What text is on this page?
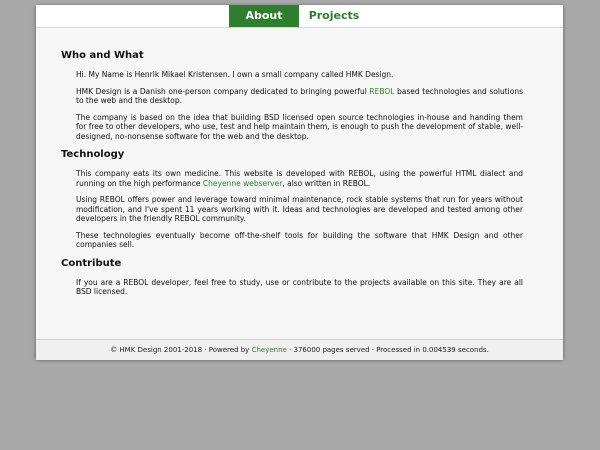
About	Projects
Who and What

Hi. My Name is Henrik Mikael Kristensen. I own a small company called HMK Design.

HMK Design is a Danish one-person company dedicated to bringing powerful REBOL based technologies and solutions to the web and the desktop.

The company is based on the idea that building BSD licensed open source technologies in-house and handing them for free to other developers, who use, test and help maintain them, is enough to push the development of stable, well-designed, no-nonsense software for the web and the desktop.

Technology

This company eats its own medicine. This website is developed with REBOL, using the powerful HTML dialect and running on the high performance Cheyenne webserver, also written in REBOL.

Using REBOL offers power and leverage toward minimal maintenance, rock stable systems that run for years without modification, and I've spent 11 years working with it. Ideas and technologies are developed and tested among other developers in the friendly REBOL community.

These technologies eventually become off-the-shelf tools for building the software that HMK Design and other companies sell.

Contribute

If you are a REBOL developer, feel free to study, use or contribute to the projects available on this site. They are all BSD licensed.

© HMK Design 2001-2018 · Powered by Cheyenne · 376000 pages served · Processed in 0.004539 seconds.
